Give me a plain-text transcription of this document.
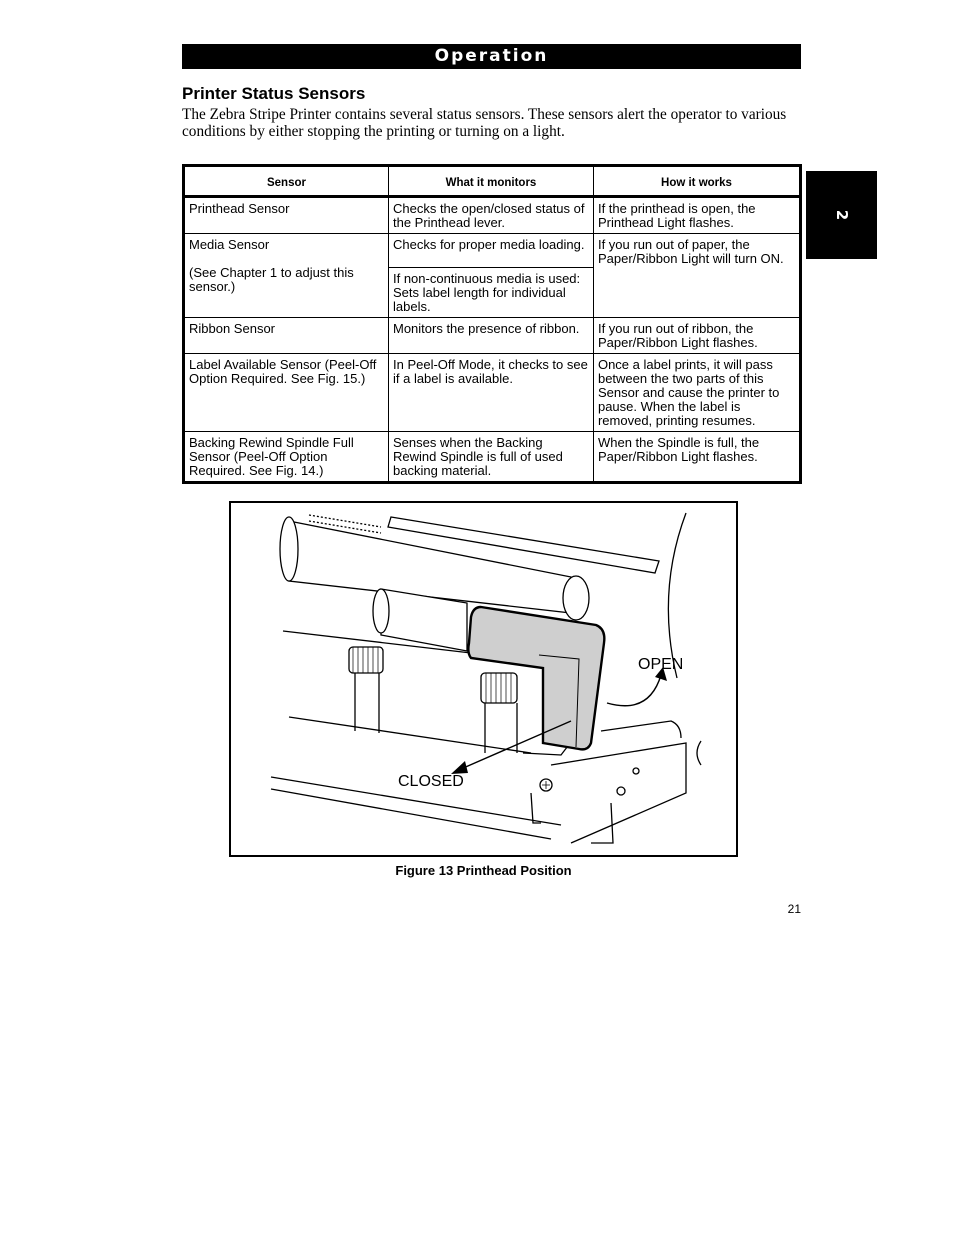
Operation
Printer Status Sensors
The Zebra Stripe Printer contains several status sensors. These sensors alert the operator to various conditions by either stopping the printing or turning on a light.
2
Sensor	What it monitors	How it works
Printhead Sensor	Checks the open/closed status of the Printhead lever.	If the printhead is open, the Printhead Light flashes.

Media Sensor
(See Chapter 1 to adjust this sensor.)	Checks for proper media loading.	If you run out of paper, the Paper/Ribbon Light will turn ON.
	If non-continuous media is used: Sets label length for individual labels.	
Ribbon Sensor	Monitors the presence of ribbon.	If you run out of ribbon, the Paper/Ribbon Light flashes.
Label Available Sensor (Peel-Off Option Required. See Fig. 15.)	In Peel-Off Mode, it checks to see if a label is available.	Once a label prints, it will pass between the two parts of this Sensor and cause the printer to pause. When the label is removed, printing resumes.
Backing Rewind Spindle Full Sensor (Peel-Off Option Required. See Fig. 14.)	Senses when the Backing Rewind Spindle is full of used backing material.	When the Spindle is full, the Paper/Ribbon Light flashes.
OPEN
CLOSED
Figure 13 Printhead Position
21
